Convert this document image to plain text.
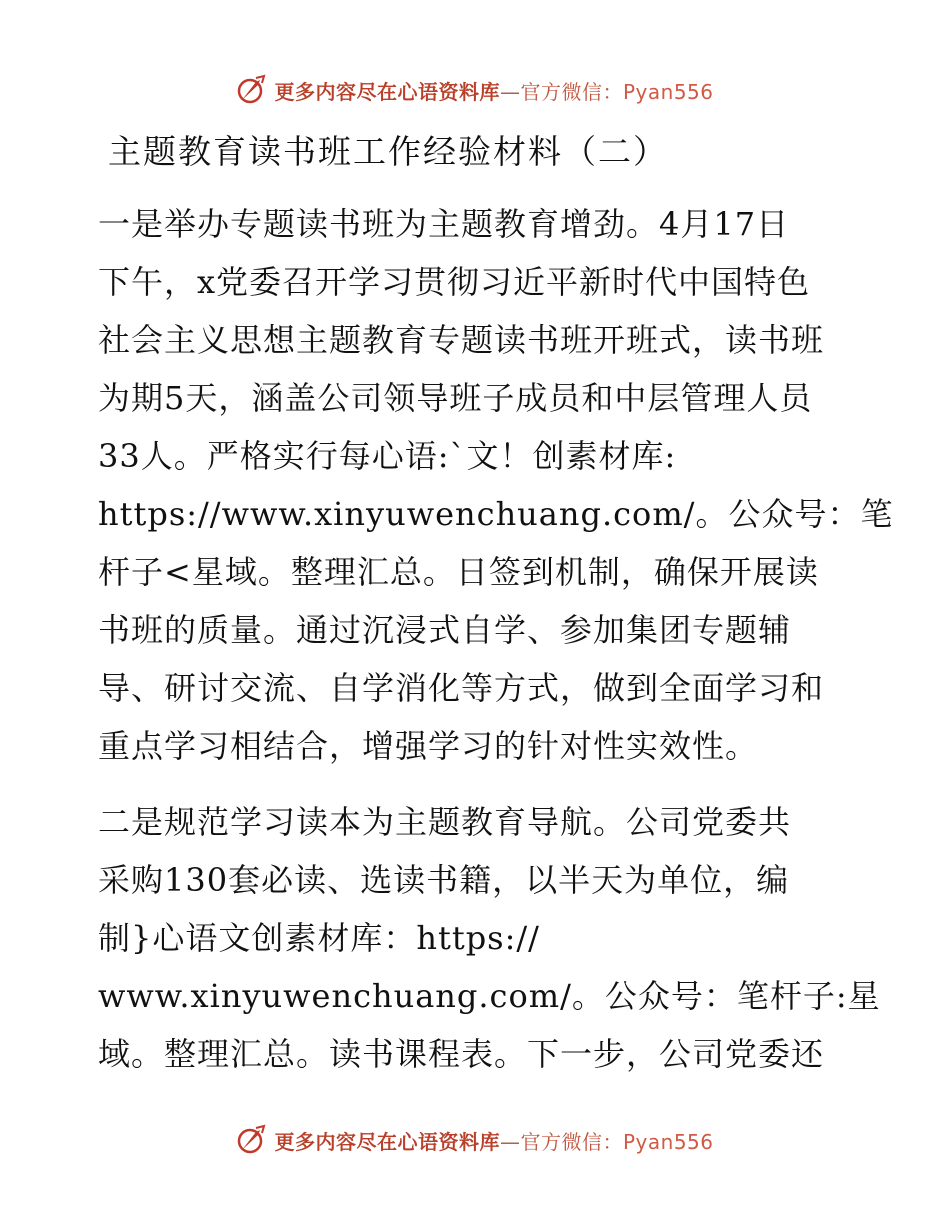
更多内容尽在心语资料库—官方微信：Pyan556
主题教育读书班工作经验材料（二）
一是举办专题读书班为主题教育增劲。4月17日
下午，x党委召开学习贯彻习近平新时代中国特色
社会主义思想主题教育专题读书班开班式，读书班
为期5天，涵盖公司领导班子成员和中层管理人员
33人。严格实行每心语:`文！创素材库:
https://www.xinyuwenchuang.com/。公众号：笔
杆子<星域。整理汇总。日签到机制，确保开展读
书班的质量。通过沉浸式自学、参加集团专题辅
导、研讨交流、自学消化等方式，做到全面学习和
重点学习相结合，增强学习的针对性实效性。
二是规范学习读本为主题教育导航。公司党委共
采购130套必读、选读书籍，以半天为单位，编
制}心语文创素材库：https://
www.xinyuwenchuang.com/。公众号：笔杆子:星
域。整理汇总。读书课程表。下一步，公司党委还
更多内容尽在心语资料库—官方微信：Pyan556
